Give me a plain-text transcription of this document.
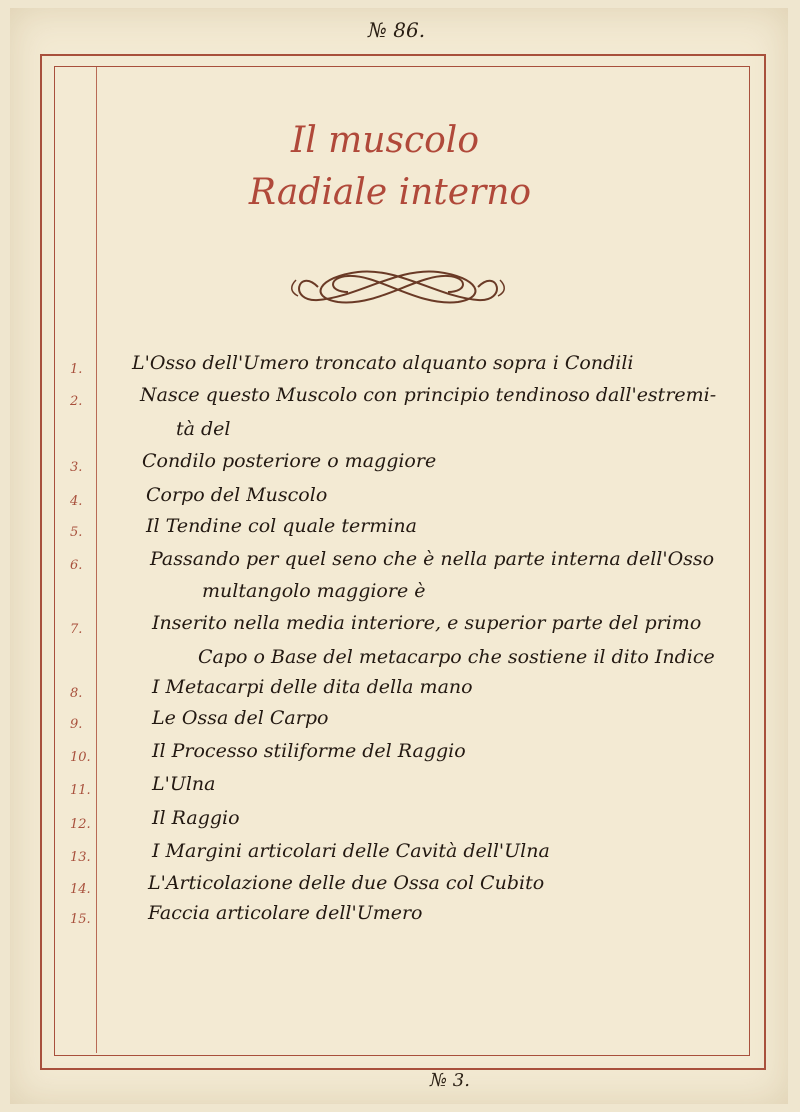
№ 86.
№ 3.
Il muscolo
Radiale interno
1.	L'Osso dell'Umero troncato alquanto sopra i Condili
2.	Nasce questo Muscolo con principio tendinoso dall'estremi-
tà del
3.	Condilo posteriore o maggiore
4.	Corpo del Muscolo
5.	Il Tendine col quale termina
6.	Passando per quel seno che è nella parte interna dell'Osso
multangolo maggiore è
7.	Inserito nella media interiore, e superior parte del primo
Capo o Base del metacarpo che sostiene il dito Indice
8.	I Metacarpi delle dita della mano
9.	Le Ossa del Carpo
10.	Il Processo stiliforme del Raggio
11.	L'Ulna
12.	Il Raggio
13.	I Margini articolari delle Cavità dell'Ulna
14.	L'Articolazione delle due Ossa col Cubito
15.	Faccia articolare dell'Umero
